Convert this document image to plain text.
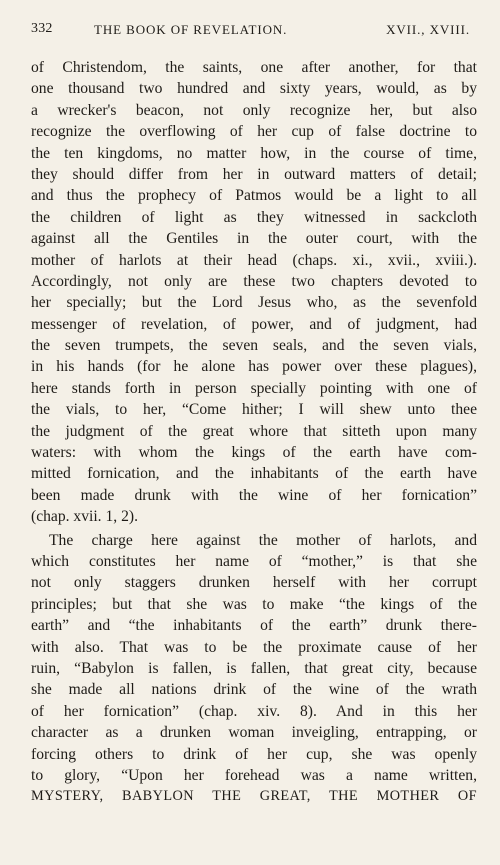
332	THE BOOK OF REVELATION.	XVII., XVIII.
of Christendom, the saints, one after another, for that
one thousand two hundred and sixty years, would, as by
a wrecker's beacon, not only recognize her, but also
recognize the overflowing of her cup of false doctrine to
the ten kingdoms, no matter how, in the course of time,
they should differ from her in outward matters of detail;
and thus the prophecy of Patmos would be a light to all
the children of light as they witnessed in sackcloth
against all the Gentiles in the outer court, with the
mother of harlots at their head (chaps. xi., xvii., xviii.).
Accordingly, not only are these two chapters devoted to
her specially; but the Lord Jesus who, as the sevenfold
messenger of revelation, of power, and of judgment, had
the seven trumpets, the seven seals, and the seven vials,
in his hands (for he alone has power over these plagues),
here stands forth in person specially pointing with one of
the vials, to her, “Come hither; I will shew unto thee
the judgment of the great whore that sitteth upon many
waters: with whom the kings of the earth have com-
mitted fornication, and the inhabitants of the earth have
been made drunk with the wine of her fornication”
(chap. xvii. 1, 2).
The charge here against the mother of harlots, and
which constitutes her name of “mother,” is that she
not only staggers drunken herself with her corrupt
principles; but that she was to make “the kings of the
earth” and “the inhabitants of the earth” drunk there-
with also. That was to be the proximate cause of her
ruin, “Babylon is fallen, is fallen, that great city, because
she made all nations drink of the wine of the wrath
of her fornication” (chap. xiv. 8). And in this her
character as a drunken woman inveigling, entrapping, or
forcing others to drink of her cup, she was openly
to glory, “Upon her forehead was a name written,
MYSTERY, BABYLON THE GREAT, THE MOTHER OF
